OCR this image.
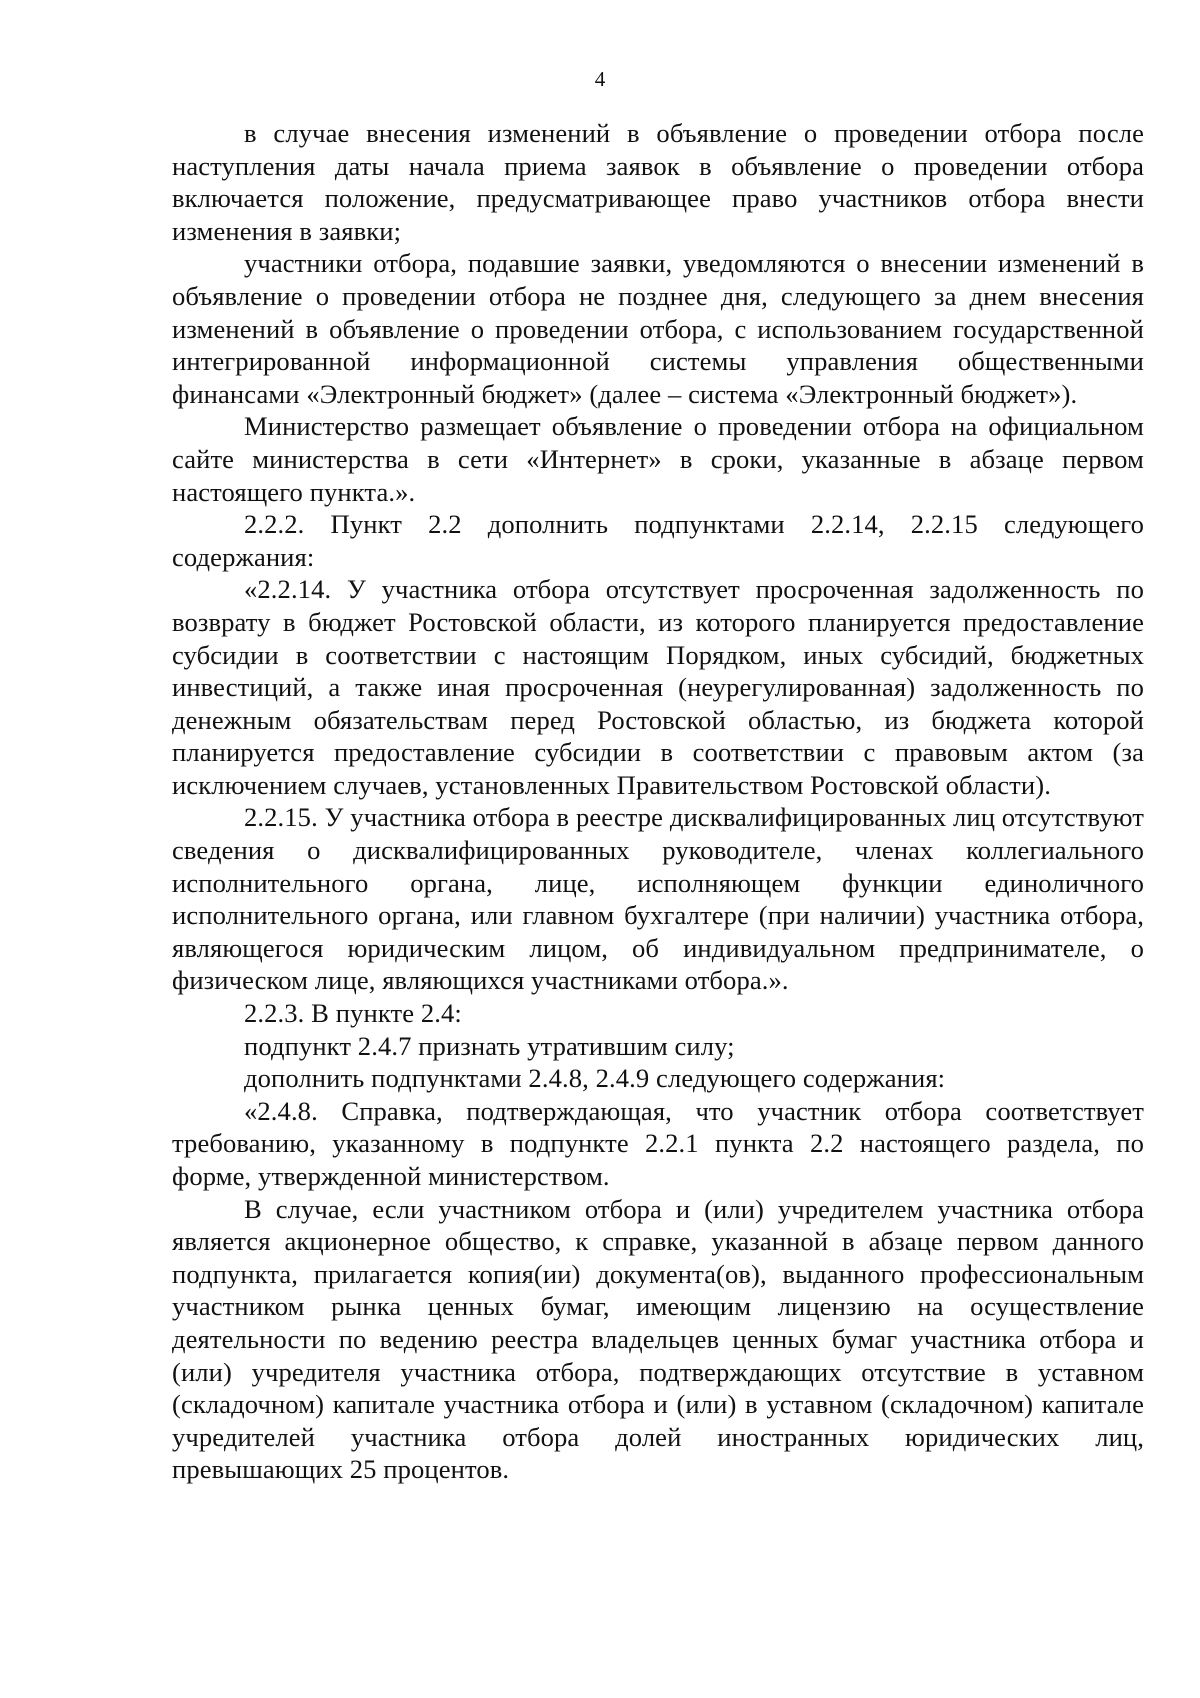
4

в случае внесения изменений в объявление о проведении отбора после наступления даты начала приема заявок в объявление о проведении отбора включается положение, предусматривающее право участников отбора внести изменения в заявки;

участники отбора, подавшие заявки, уведомляются о внесении изменений в объявление о проведении отбора не позднее дня, следующего за днем внесения изменений в объявление о проведении отбора, с использованием государственной интегрированной информационной системы управления общественными финансами «Электронный бюджет» (далее – система «Электронный бюджет»).

Министерство размещает объявление о проведении отбора на официальном сайте министерства в сети «Интернет» в сроки, указанные в абзаце первом настоящего пункта.».

2.2.2. Пункт 2.2 дополнить подпунктами 2.2.14, 2.2.15 следующего содержания:

«2.2.14. У участника отбора отсутствует просроченная задолженность по возврату в бюджет Ростовской области, из которого планируется предоставление субсидии в соответствии с настоящим Порядком, иных субсидий, бюджетных инвестиций, а также иная просроченная (неурегулированная) задолженность по денежным обязательствам перед Ростовской областью, из бюджета которой планируется предоставление субсидии в соответствии с правовым актом (за исключением случаев, установленных Правительством Ростовской области).

2.2.15. У участника отбора в реестре дисквалифицированных лиц отсутствуют сведения о дисквалифицированных руководителе, членах коллегиального исполнительного органа, лице, исполняющем функции единоличного исполнительного органа, или главном бухгалтере (при наличии) участника отбора, являющегося юридическим лицом, об индивидуальном предпринимателе, о физическом лице, являющихся участниками отбора.».

2.2.3. В пункте 2.4:

подпункт 2.4.7 признать утратившим силу;

дополнить подпунктами 2.4.8, 2.4.9 следующего содержания:

«2.4.8. Справка, подтверждающая, что участник отбора соответствует требованию, указанному в подпункте 2.2.1 пункта 2.2 настоящего раздела, по форме, утвержденной министерством.

В случае, если участником отбора и (или) учредителем участника отбора является акционерное общество, к справке, указанной в абзаце первом данного подпункта, прилагается копия(ии) документа(ов), выданного профессиональным участником рынка ценных бумаг, имеющим лицензию на осуществление деятельности по ведению реестра владельцев ценных бумаг участника отбора и (или) учредителя участника отбора, подтверждающих отсутствие в уставном (складочном) капитале участника отбора и (или) в уставном (складочном) капитале учредителей участника отбора долей иностранных юридических лиц, превышающих 25 процентов.
